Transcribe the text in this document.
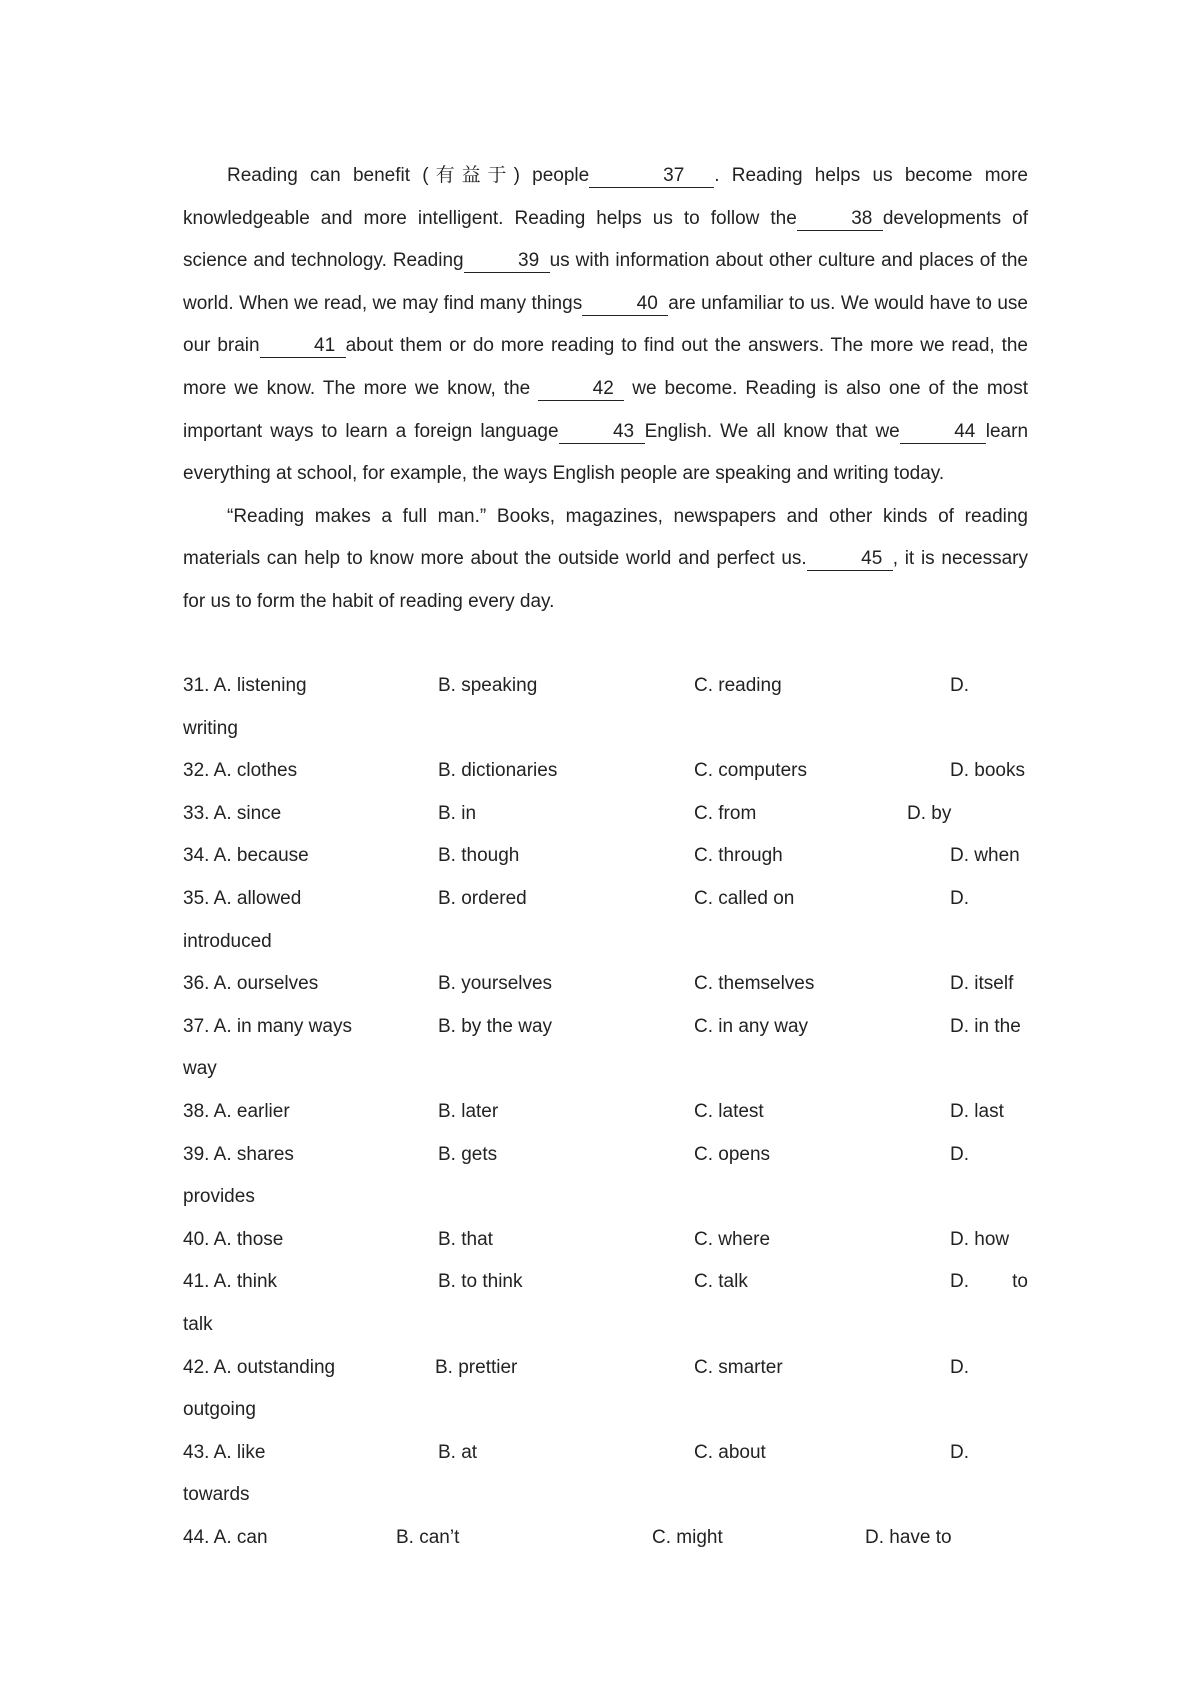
Reading can benefit (有益于) people	37 . Reading helps us become more knowledgeable and more intelligent. Reading helps us to follow the	38 developments of science and technology. Reading	39 us with information about other culture and places of the world. When we read, we may find many things	40 are unfamiliar to us. We would have to use our brain	41 about them or do more reading to find out the answers. The more we read, the more we know. The more we know, the	42 we become. Reading is also one of the most important ways to learn a foreign language	43 English. We all know that we	44 learn everything at school, for example, the ways English people are speaking and writing today.

“Reading makes a full man.” Books, magazines, newspapers and other kinds of reading materials can help to know more about the outside world and perfect us.	45 , it is necessary for us to form the habit of reading every day.

31. A. listening	B. speaking	C. reading	D.
writing
32. A. clothes	B. dictionaries	C. computers	D. books
33. A. since	B. in	C. from	D. by
34. A. because	B. though	C. through	D. when
35. A. allowed	B. ordered	C. called on	D.
introduced
36. A. ourselves	B. yourselves	C. themselves	D. itself
37. A. in many ways	B. by the way	C. in any way	D. in the
way
38. A. earlier	B. later	C. latest	D. last
39. A. shares	B. gets	C. opens	D.
provides
40. A. those	B. that	C. where	D. how
41. A. think	B. to think	C. talk	D. to
talk
42. A. outstanding	B. prettier	C. smarter	D.
outgoing
43. A. like	B. at	C. about	D.
towards
44. A. can	B. can’t	C. might	D. have to
